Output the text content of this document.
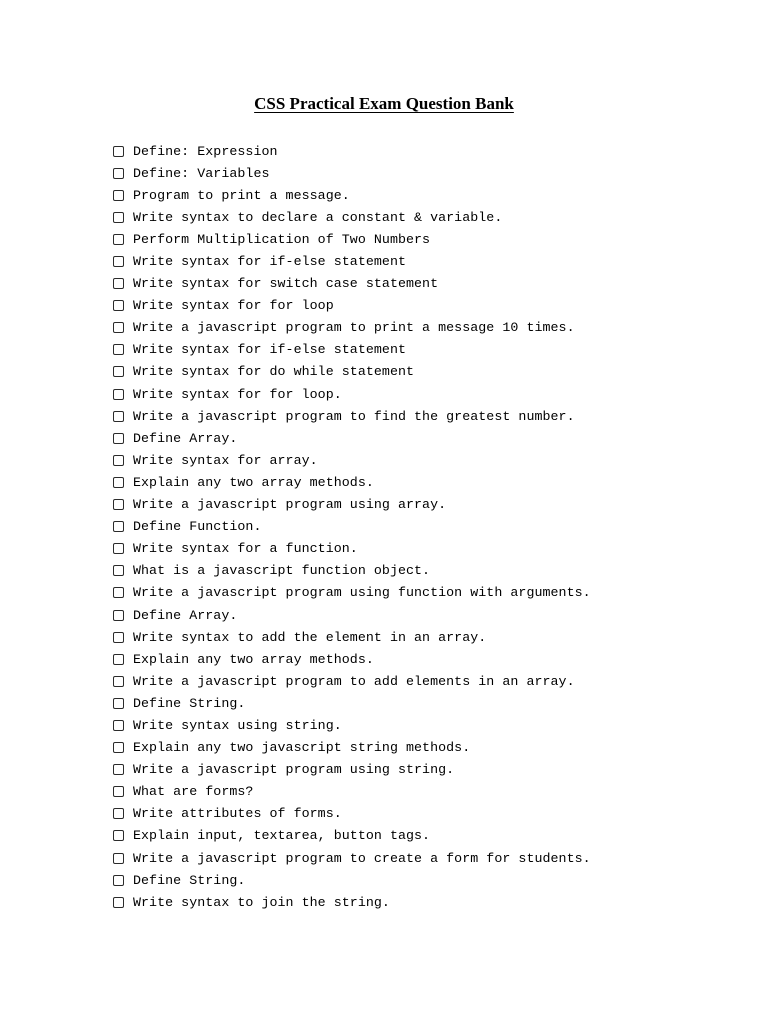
CSS Practical Exam Question Bank
Define: Expression
Define: Variables
Program to print a message.
Write syntax to declare a constant & variable.
Perform Multiplication of Two Numbers
Write syntax for if-else statement
Write syntax for switch case statement
Write syntax for for loop
Write a javascript program to print a message 10 times.
Write syntax for if-else statement
Write syntax for do while statement
Write syntax for for loop.
Write a javascript program to find the greatest number.
Define Array.
Write syntax for array.
Explain any two array methods.
Write a javascript program using array.
Define Function.
Write syntax for a function.
What is a javascript function object.
Write a javascript program using function with arguments.
Define Array.
Write syntax to add the element in an array.
Explain any two array methods.
Write a javascript program to add elements in an array.
Define String.
Write syntax using string.
Explain any two javascript string methods.
Write a javascript program using string.
What are forms?
Write attributes of forms.
Explain input, textarea, button tags.
Write a javascript program to create a form for students.
Define String.
Write syntax to join the string.
